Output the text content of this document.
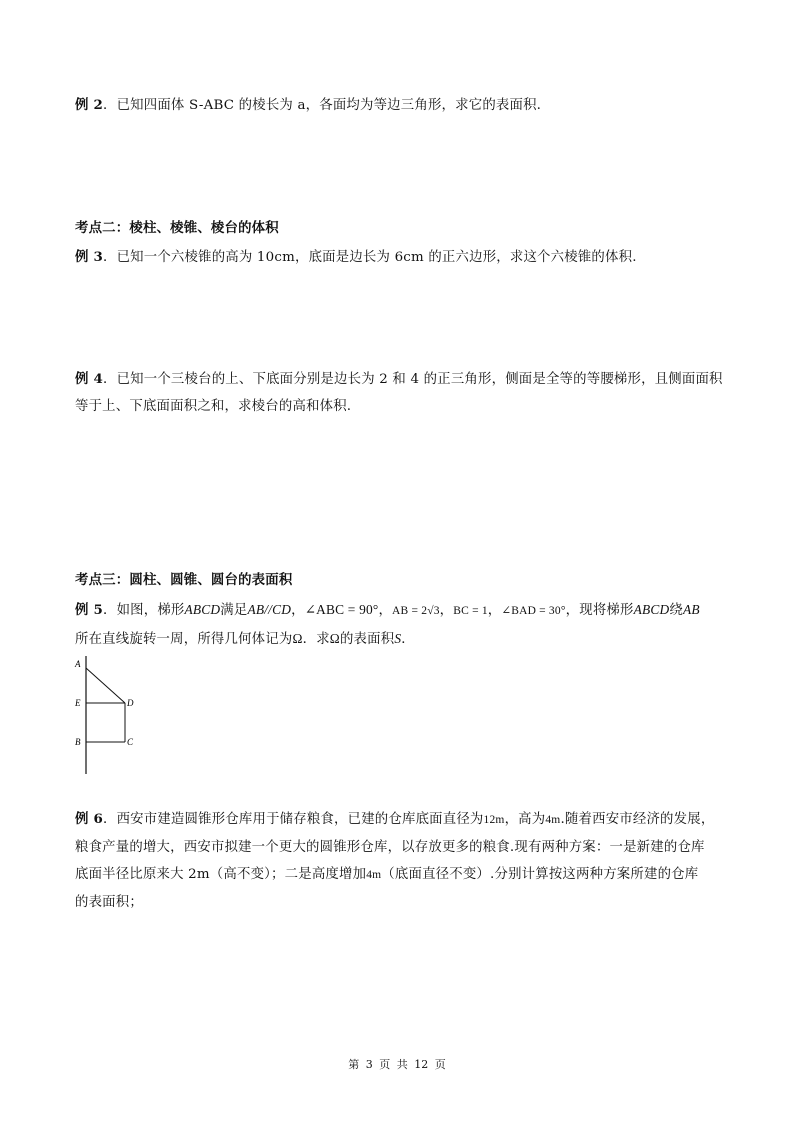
例 2．已知四面体 S-ABC 的棱长为 a，各面均为等边三角形，求它的表面积.
考点二：棱柱、棱锥、棱台的体积
例 3．已知一个六棱锥的高为 10cm，底面是边长为 6cm 的正六边形，求这个六棱锥的体积.
例 4．已知一个三棱台的上、下底面分别是边长为 2 和 4 的正三角形，侧面是全等的等腰梯形，且侧面面积
等于上、下底面面积之和，求棱台的高和体积.
考点三：圆柱、圆锥、圆台的表面积
例 5．如图，梯形ABCD满足AB//CD，∠ABC = 90°，AB = 2√3，BC = 1，∠BAD = 30°，现将梯形ABCD绕AB
所在直线旋转一周，所得几何体记为Ω．求Ω的表面积S．
A
E
B
D
C
例 6．西安市建造圆锥形仓库用于储存粮食，已建的仓库底面直径为12m，高为4m.随着西安市经济的发展，
粮食产量的增大，西安市拟建一个更大的圆锥形仓库，以存放更多的粮食.现有两种方案：一是新建的仓库
底面半径比原来大 2m（高不变）；二是高度增加4m（底面直径不变）.分别计算按这两种方案所建的仓库
的表面积；
第 3 页 共 12 页
